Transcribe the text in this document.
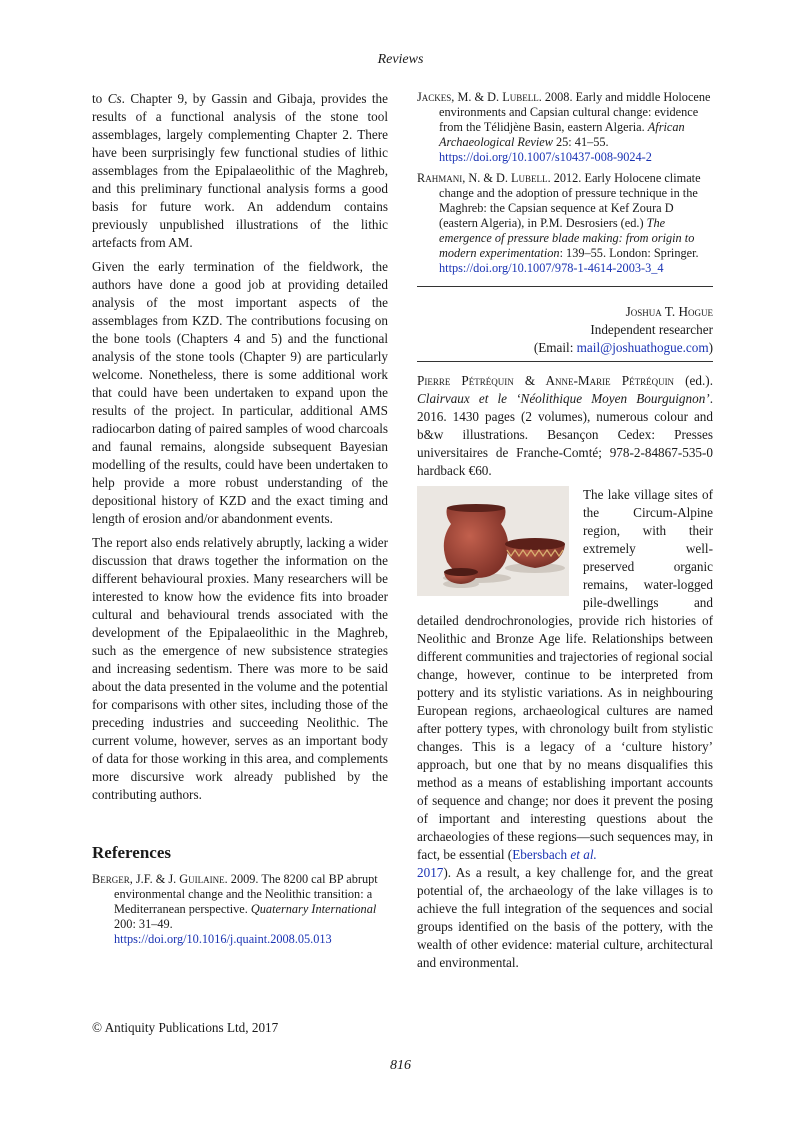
Reviews

to Cs. Chapter 9, by Gassin and Gibaja, provides the results of a functional analysis of the stone tool assemblages, largely complementing Chapter 2. There have been surprisingly few functional studies of lithic assemblages from the Epipalaeolithic of the Maghreb, and this preliminary functional analysis forms a good basis for future work. An addendum contains previously unpublished illustrations of the lithic artefacts from AM.

Given the early termination of the fieldwork, the authors have done a good job at providing detailed analysis of the most important aspects of the assemblages from KZD. The contributions focusing on the bone tools (Chapters 4 and 5) and the functional analysis of the stone tools (Chapter 9) are particularly welcome. Nonetheless, there is some additional work that could have been undertaken to expand upon the results of the project. In particular, additional AMS radiocarbon dating of paired samples of wood charcoals and faunal remains, alongside subsequent Bayesian modelling of the results, could have been undertaken to help provide a more robust understanding of the depositional history of KZD and the exact timing and length of erosion and/or abandonment events.

The report also ends relatively abruptly, lacking a wider discussion that draws together the information on the different behavioural proxies. Many researchers will be interested to know how the evidence fits into broader cultural and behavioural trends associated with the development of the Epipalaeolithic in the Maghreb, such as the emergence of new subsistence strategies and increasing sedentism. There was more to be said about the data presented in the volume and the potential for comparisons with other sites, including those of the preceding industries and succeeding Neolithic. The current volume, however, serves as an important body of data for those working in this area, and complements more discursive work already published by the contributing authors.

References
Berger, J.F. & J. Guilaine. 2009. The 8200 cal BP abrupt environmental change and the Neolithic transition: a Mediterranean perspective. Quaternary International 200: 31–49.
https://doi.org/10.1016/j.quaint.2008.05.013
Jackes, M. & D. Lubell. 2008. Early and middle Holocene environments and Capsian cultural change: evidence from the Télidjène Basin, eastern Algeria. African Archaeological Review 25: 41–55.
https://doi.org/10.1007/s10437-008-9024-2
Rahmani, N. & D. Lubell. 2012. Early Holocene climate change and the adoption of pressure technique in the Maghreb: the Capsian sequence at Kef Zoura D (eastern Algeria), in P.M. Desrosiers (ed.) The emergence of pressure blade making: from origin to modern experimentation: 139–55. London: Springer.
https://doi.org/10.1007/978-1-4614-2003-3_4
Joshua T. Hogue
Independent researcher
(Email: mail@joshuathogue.com)

Pierre Pétréquin & Anne-Marie Pétréquin (ed.). Clairvaux et le ‘Néolithique Moyen Bourguignon’. 2016. 1430 pages (2 volumes), numerous colour and b&w illustrations. Besançon Cedex: Presses universitaires de Franche-Comté; 978-2-84867-535-0 hardback €60.

The lake village sites of the Circum-Alpine region, with their extremely well-preserved organic remains, water-logged pile-dwellings and detailed dendrochronologies, provide rich histories of Neolithic and Bronze Age life. Relationships between different communities and trajectories of regional social change, however, continue to be interpreted from pottery and its stylistic variations. As in neighbouring European regions, archaeological cultures are named after pottery types, with chronology built from stylistic changes. This is a legacy of a ‘culture history’ approach, but one that by no means disqualifies this method as a means of establishing important accounts of sequence and change; nor does it prevent the posing of important and interesting questions about the archaeologies of these regions—such sequences may, in fact, be essential (Ebersbach et al.
2017). As a result, a key challenge for, and the great potential of, the archaeology of the lake villages is to achieve the full integration of the sequences and social groups identified on the basis of the pottery, with the wealth of other evidence: material culture, architectural and environmental.

© Antiquity Publications Ltd, 2017
816
